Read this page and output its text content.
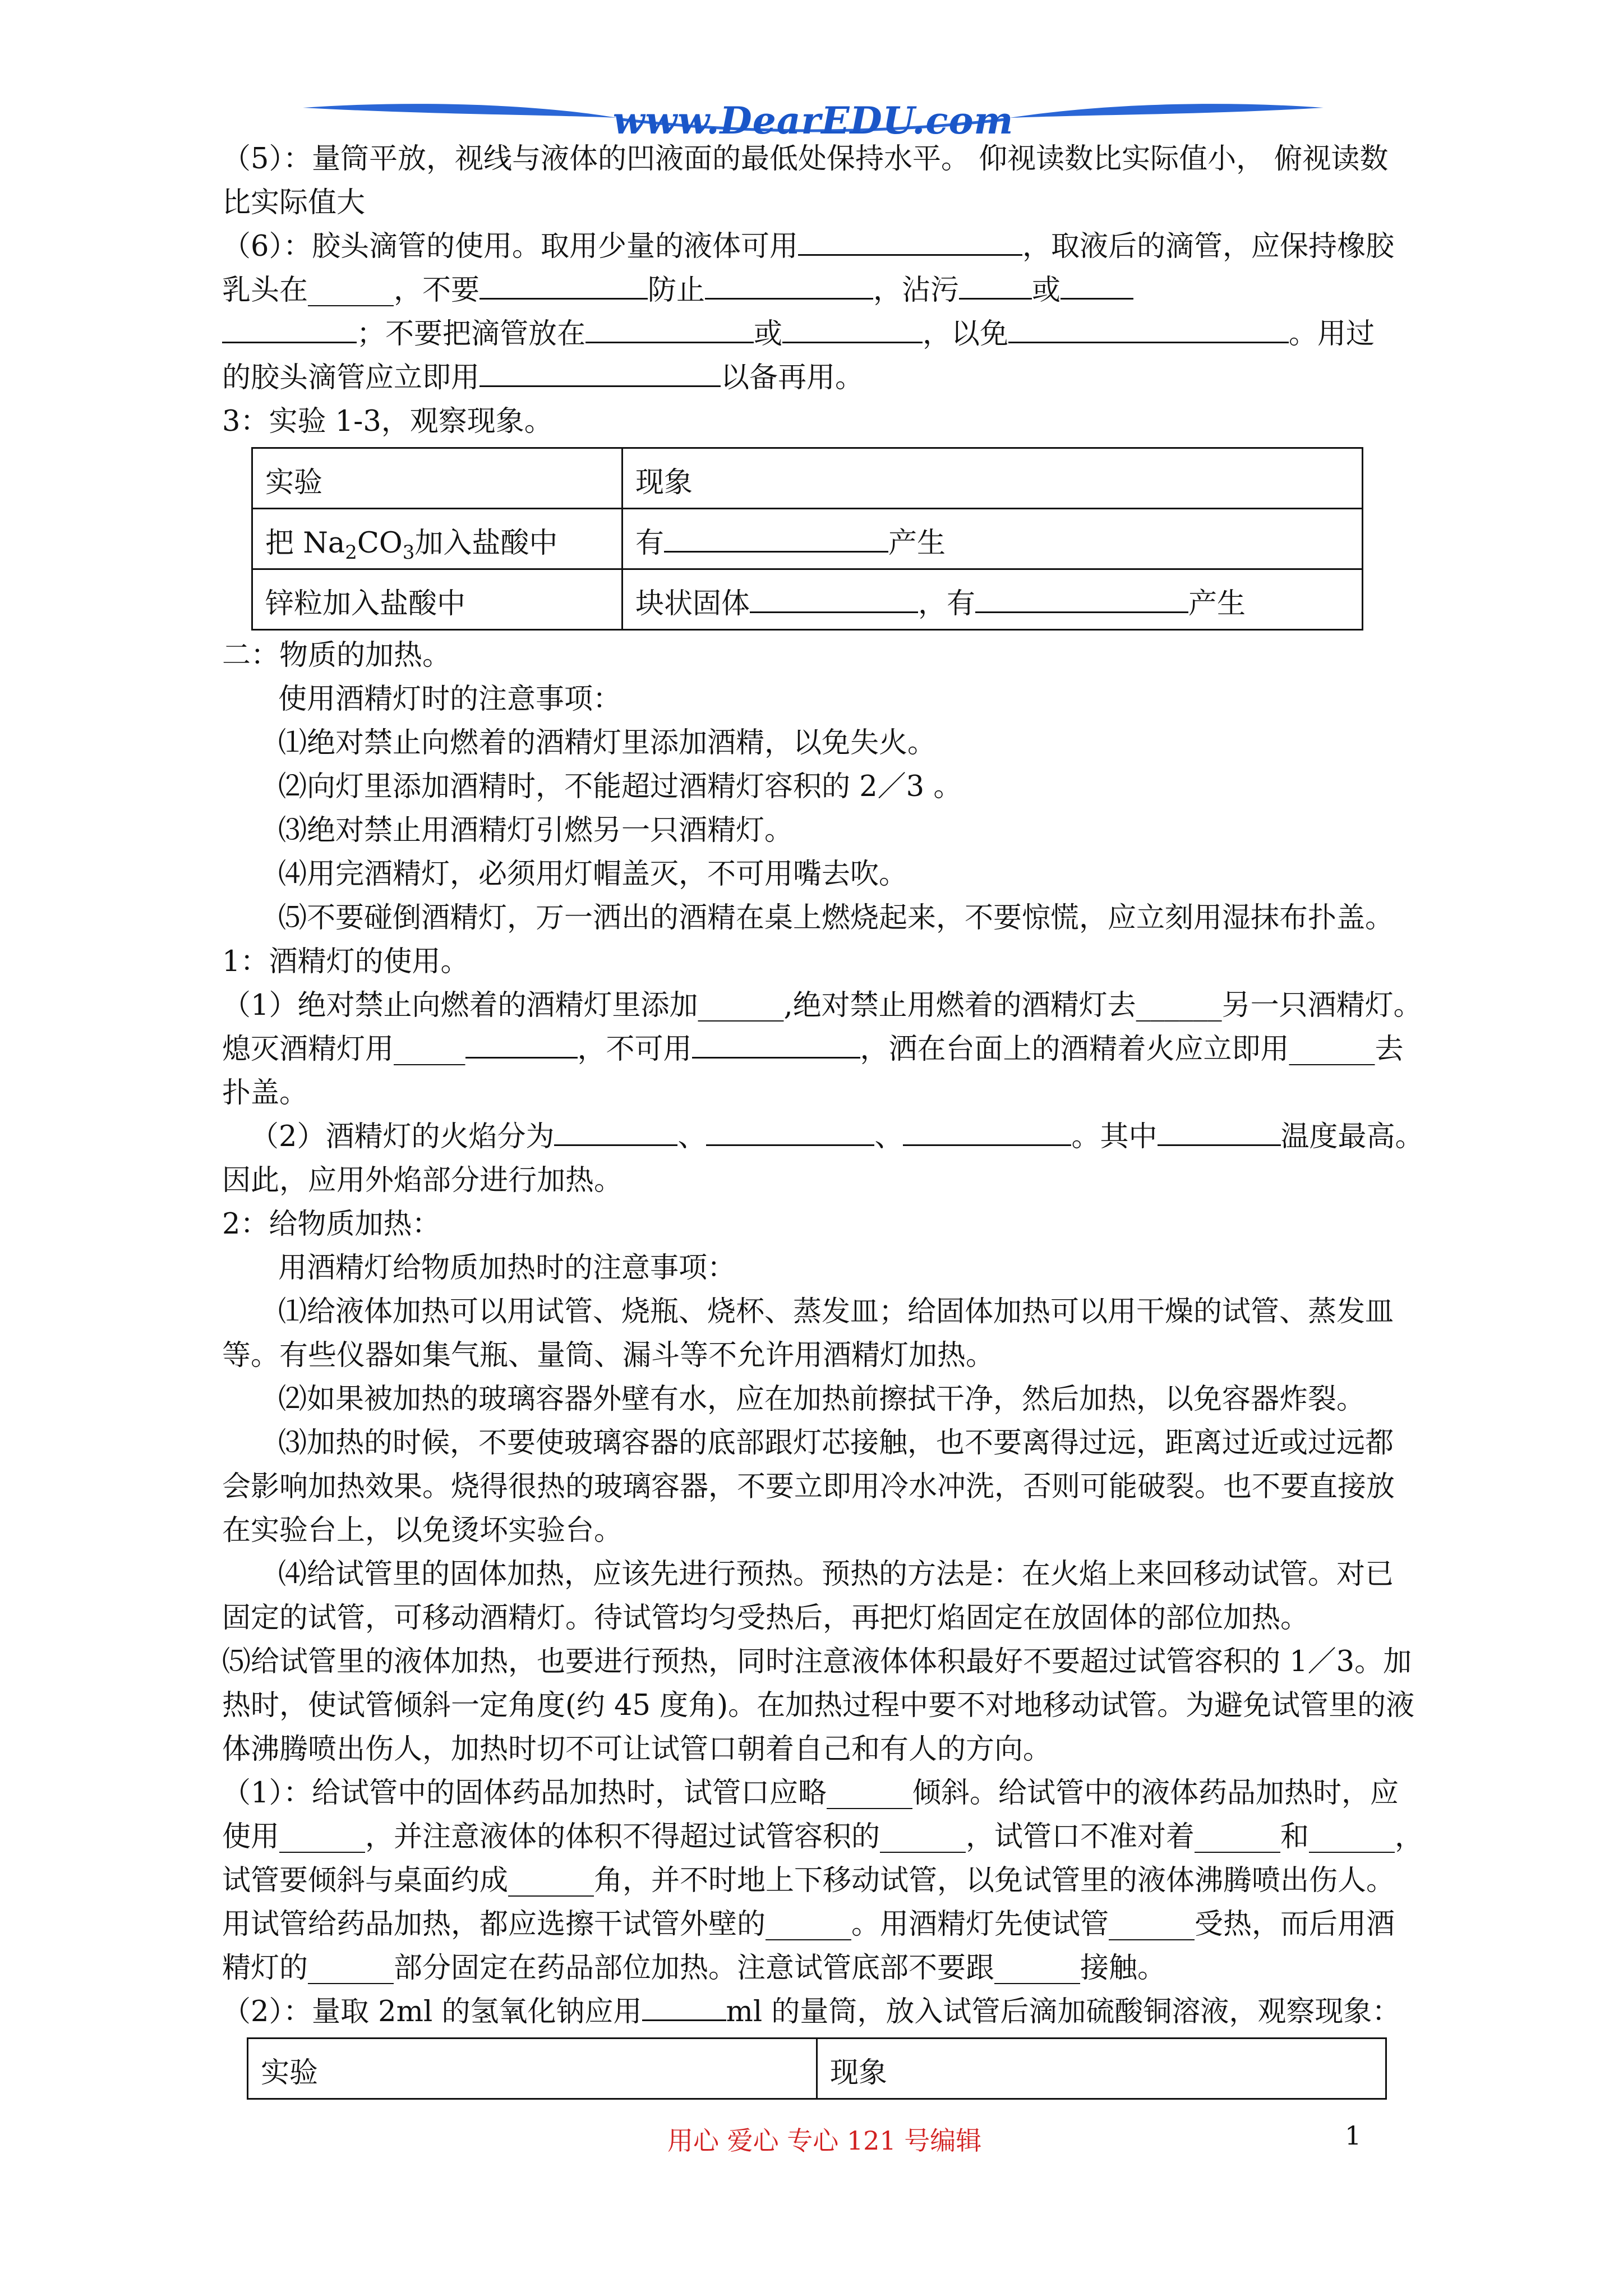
www.DearEDU.com

（5）：量筒平放，视线与液体的凹液面的最低处保持水平。 仰视读数比实际值小， 俯视读数

比实际值大

（6）：胶头滴管的使用。取用少量的液体可用	，取液后的滴管，应保持橡胶

乳头在______，不要	防止	，沾污	或

；不要把滴管放在	或	，以免	。用过

的胶头滴管应立即用	以备再用。

3：实验 1-3，观察现象。

实验	现象
把 $Na_2CO_3$加入盐酸中	有 产生
锌粒加入盐酸中	块状固体 ，有 产生

二：物质的加热。

使用酒精灯时的注意事项：

⑴绝对禁止向燃着的酒精灯里添加酒精，以免失火。

⑵向灯里添加酒精时，不能超过酒精灯容积的 2／3 。

⑶绝对禁止用酒精灯引燃另一只酒精灯。

⑷用完酒精灯，必须用灯帽盖灭，不可用嘴去吹。

⑸不要碰倒酒精灯，万一洒出的酒精在桌上燃烧起来，不要惊慌，应立刻用湿抹布扑盖。

1：酒精灯的使用。

（1）绝对禁止向燃着的酒精灯里添加______,绝对禁止用燃着的酒精灯去______另一只酒精灯。

熄灭酒精灯用_____	，不可用	，洒在台面上的酒精着火应立即用______去

扑盖。

（2）酒精灯的火焰分为	、	、	。其中	温度最高。

因此，应用外焰部分进行加热。

2：给物质加热：

用酒精灯给物质加热时的注意事项：

⑴给液体加热可以用试管、烧瓶、烧杯、蒸发皿；给固体加热可以用干燥的试管、蒸发皿

等。有些仪器如集气瓶、量筒、漏斗等不允许用酒精灯加热。

⑵如果被加热的玻璃容器外壁有水，应在加热前擦拭干净，然后加热，以免容器炸裂。

⑶加热的时候，不要使玻璃容器的底部跟灯芯接触，也不要离得过远，距离过近或过远都

会影响加热效果。烧得很热的玻璃容器，不要立即用冷水冲洗，否则可能破裂。也不要直接放

在实验台上，以免烫坏实验台。

⑷给试管里的固体加热，应该先进行预热。预热的方法是：在火焰上来回移动试管。对已

固定的试管，可移动酒精灯。待试管均匀受热后，再把灯焰固定在放固体的部位加热。

⑸给试管里的液体加热，也要进行预热，同时注意液体体积最好不要超过试管容积的 1／3。加

热时，使试管倾斜一定角度(约 45 度角)。在加热过程中要不对地移动试管。为避免试管里的液

体沸腾喷出伤人，加热时切不可让试管口朝着自己和有人的方向。

（1）：给试管中的固体药品加热时，试管口应略______倾斜。给试管中的液体药品加热时，应

使用______，并注意液体的体积不得超过试管容积的______，试管口不准对着______和______，

试管要倾斜与桌面约成______角，并不时地上下移动试管，以免试管里的液体沸腾喷出伤人。

用试管给药品加热，都应选擦干试管外壁的______。用酒精灯先使试管______受热，而后用酒

精灯的______部分固定在药品部位加热。注意试管底部不要跟______接触。

（2）：量取 2ml 的氢氧化钠应用	ml 的量筒，放入试管后滴加硫酸铜溶液，观察现象：

实验	现象
用心 爱心 专心 121 号编辑	1
